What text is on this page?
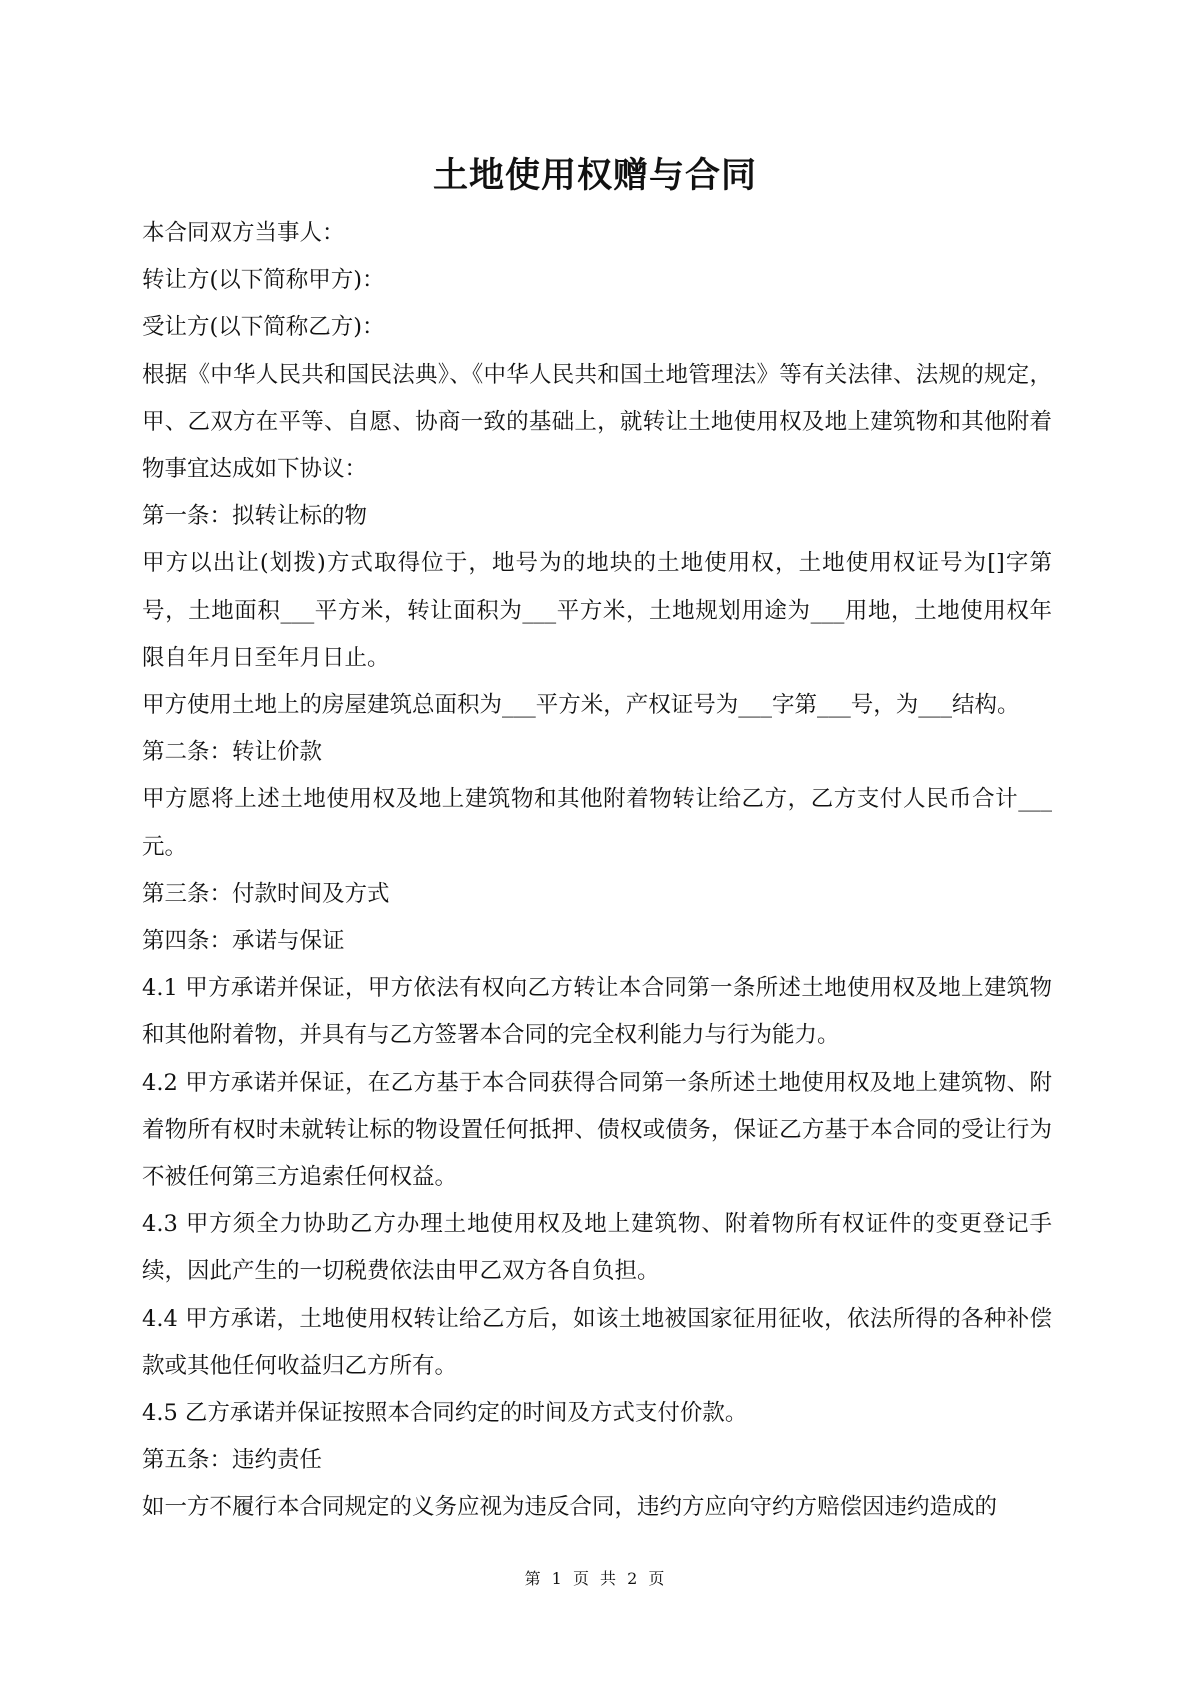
土地使用权赠与合同

本合同双方当事人：

转让方(以下简称甲方)：

受让方(以下简称乙方)：

根据《中华人民共和国民法典》、《中华人民共和国土地管理法》等有关法律、法规的规定，甲、乙双方在平等、自愿、协商一致的基础上，就转让土地使用权及地上建筑物和其他附着物事宜达成如下协议：

第一条：拟转让标的物

甲方以出让(划拨)方式取得位于，地号为的地块的土地使用权，土地使用权证号为[]字第号，土地面积___平方米，转让面积为___平方米，土地规划用途为___用地，土地使用权年限自年月日至年月日止。

甲方使用土地上的房屋建筑总面积为___平方米，产权证号为___字第___号，为___结构。

第二条：转让价款

甲方愿将上述土地使用权及地上建筑物和其他附着物转让给乙方，乙方支付人民币合计___元。

第三条：付款时间及方式

第四条：承诺与保证

4.1 甲方承诺并保证，甲方依法有权向乙方转让本合同第一条所述土地使用权及地上建筑物和其他附着物，并具有与乙方签署本合同的完全权利能力与行为能力。

4.2 甲方承诺并保证，在乙方基于本合同获得合同第一条所述土地使用权及地上建筑物、附着物所有权时未就转让标的物设置任何抵押、债权或债务，保证乙方基于本合同的受让行为不被任何第三方追索任何权益。

4.3 甲方须全力协助乙方办理土地使用权及地上建筑物、附着物所有权证件的变更登记手续，因此产生的一切税费依法由甲乙双方各自负担。

4.4 甲方承诺，土地使用权转让给乙方后，如该土地被国家征用征收，依法所得的各种补偿款或其他任何收益归乙方所有。

4.5 乙方承诺并保证按照本合同约定的时间及方式支付价款。

第五条：违约责任

如一方不履行本合同规定的义务应视为违反合同，违约方应向守约方赔偿因违约造成的

第 1 页 共 2 页
